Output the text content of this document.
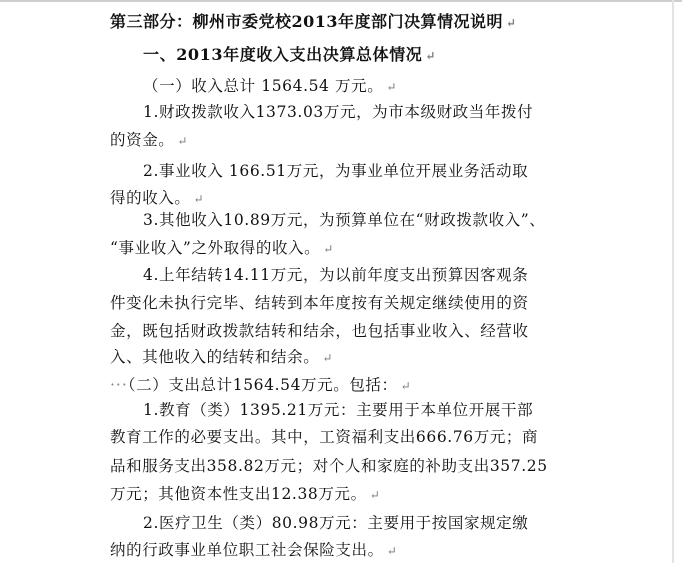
第三部分：柳州市委党校2013年度部门决算情况说明 ↵
一、2013年度收入支出决算总体情况 ↵
（一）收入总计 1564.54 万元。 ↵
1.财政拨款收入1373.03万元，为市本级财政当年拨付
的资金。 ↵
2.事业收入 166.51万元，为事业单位开展业务活动取
得的收入。 ↵
3.其他收入10.89万元，为预算单位在“财政拨款收入”、
“事业收入”之外取得的收入。 ↵
4.上年结转14.11万元，为以前年度支出预算因客观条
件变化未执行完毕、结转到本年度按有关规定继续使用的资
金，既包括财政拨款结转和结余，也包括事业收入、经营收
入、其他收入的结转和结余。 ↵
···（二）支出总计1564.54万元。包括： ↵
1.教育（类）1395.21万元：主要用于本单位开展干部
教育工作的必要支出。其中，工资福利支出666.76万元；商
品和服务支出358.82万元；对个人和家庭的补助支出357.25
万元；其他资本性支出12.38万元。 ↵
2.医疗卫生（类）80.98万元：主要用于按国家规定缴
纳的行政事业单位职工社会保险支出。 ↵
